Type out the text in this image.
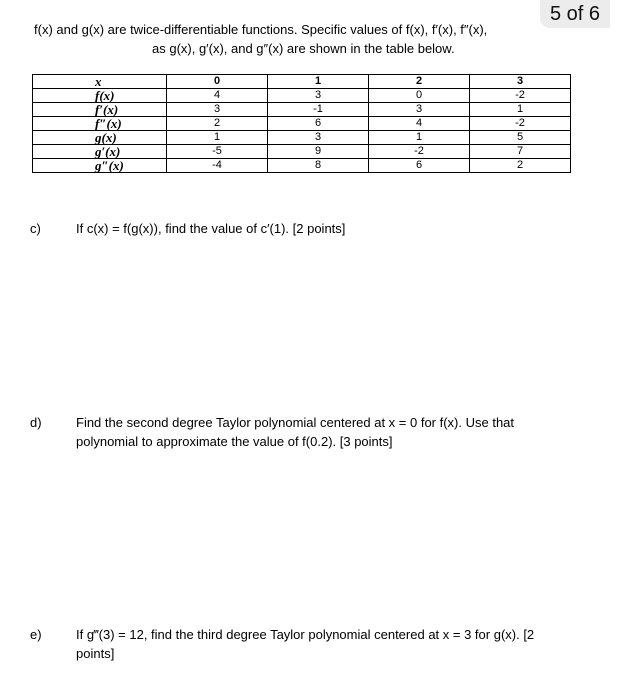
5 of 6
f(x) and g(x) are twice-differentiable functions. Specific values of f(x), f′(x), f″(x),
as g(x), g′(x), and g″(x) are shown in the table below.
x	0	1	2	3
f(x)	4	3	0	-2
f′(x)	3	-1	3	1
f″(x)	2	6	4	-2
g(x)	1	3	1	5
g′(x)	-5	9	-2	7
g″(x)	-4	8	6	2
c)	If c(x) = f(g(x)), find the value of c′(1). [2 points]
d)	Find the second degree Taylor polynomial centered at x = 0 for f(x). Use that polynomial to approximate the value of f(0.2). [3 points]
e)	If g‴(3) = 12, find the third degree Taylor polynomial centered at x = 3 for g(x). [2 points]
